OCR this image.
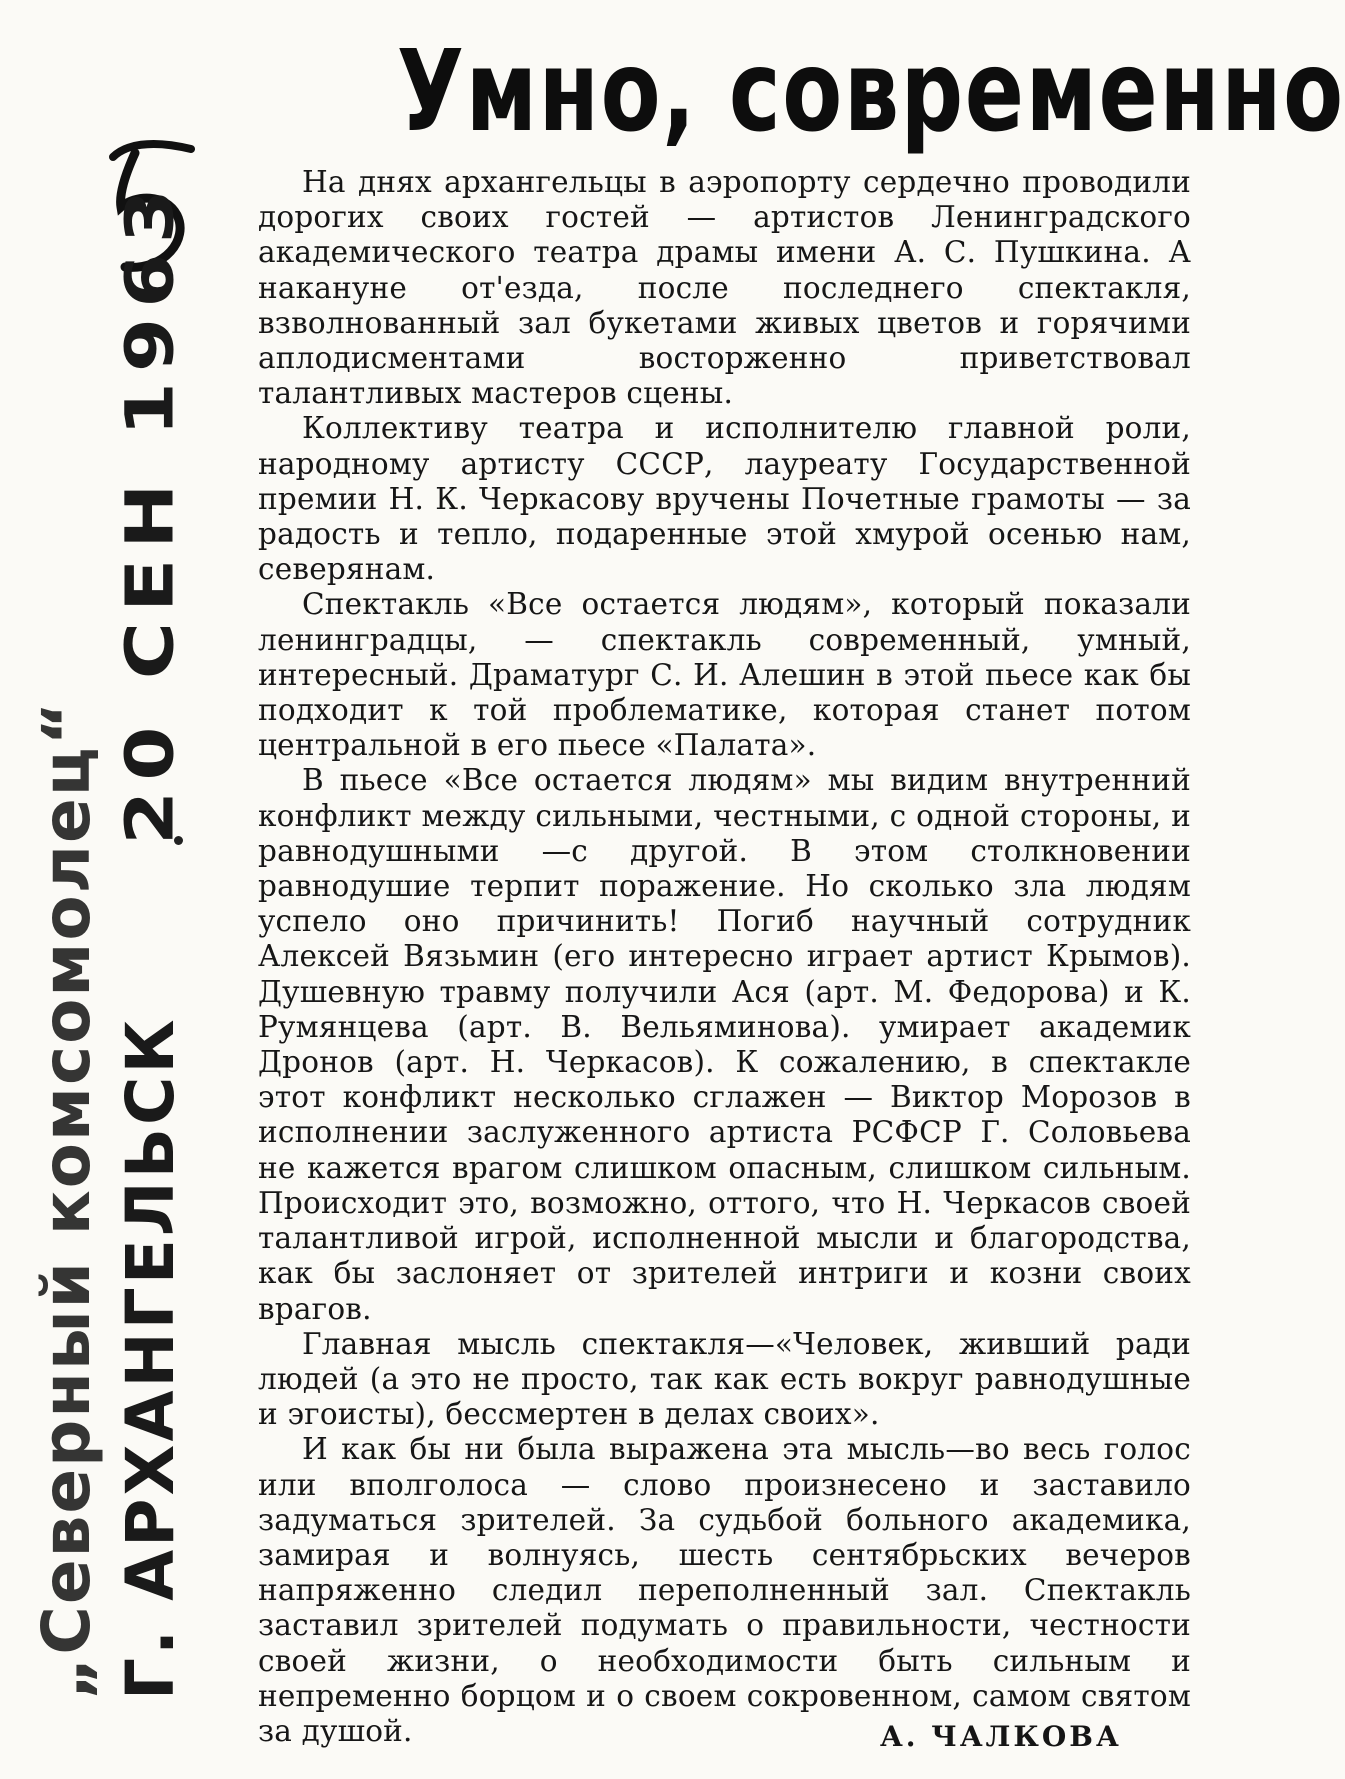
Умно, современно
20 СЕН 1963
„Северный комсомолец“ Г. АРХАНГЕЛЬСК

На днях архангельцы в аэропорту сердечно проводили дорогих своих гостей — артистов Ленинградского академического театра драмы имени А. С. Пушкина. А накануне от'езда, после последнего спектакля, взволнованный зал букетами живых цветов и горячими аплодисментами восторженно приветствовал талантливых мастеров сцены.

Коллективу театра и исполнителю главной роли, народному артисту СССР, лауреату Государственной премии Н. К. Черкасову вручены Почетные грамоты — за радость и тепло, подаренные этой хмурой осенью нам, северянам.

Спектакль «Все остается людям», который показали ленинградцы, — спектакль современный, умный, интересный. Драматург С. И. Алешин в этой пьесе как бы подходит к той проблематике, которая станет потом центральной в его пьесе «Палата».

В пьесе «Все остается людям» мы видим внутренний конфликт между сильными, честными, с одной стороны, и равнодушными —с другой. В этом столкновении равнодушие терпит поражение. Но сколько зла людям успело оно причинить! Погиб научный сотрудник Алексей Вязьмин (его интересно играет артист Крымов). Душевную травму получили Ася (арт. М. Федорова) и К. Румянцева (арт. В. Вельяминова). умирает академик Дронов (арт. Н. Черкасов). К сожалению, в спектакле этот конфликт несколько сглажен — Виктор Морозов в исполнении заслуженного артиста РСФСР Г. Соловьева не кажется врагом слишком опасным, слишком сильным. Происходит это, возможно, оттого, что Н. Черкасов своей талантливой игрой, исполненной мысли и благородства, как бы заслоняет от зрителей интриги и козни своих врагов.

Главная мысль спектакля—«Человек, живший ради людей (а это не просто, так как есть вокруг равнодушные и эгоисты), бессмертен в делах своих».

И как бы ни была выражена эта мысль—во весь голос или вполголоса — слово произнесено и заставило задуматься зрителей. За судьбой больного академика, замирая и волнуясь, шесть сентябрьских вечеров напряженно следил переполненный зал. Спектакль заставил зрителей подумать о правильности, честности своей жизни, о необходимости быть сильным и непременно борцом и о своем сокровенном, самом святом за душой.	А. ЧАЛКОВА
